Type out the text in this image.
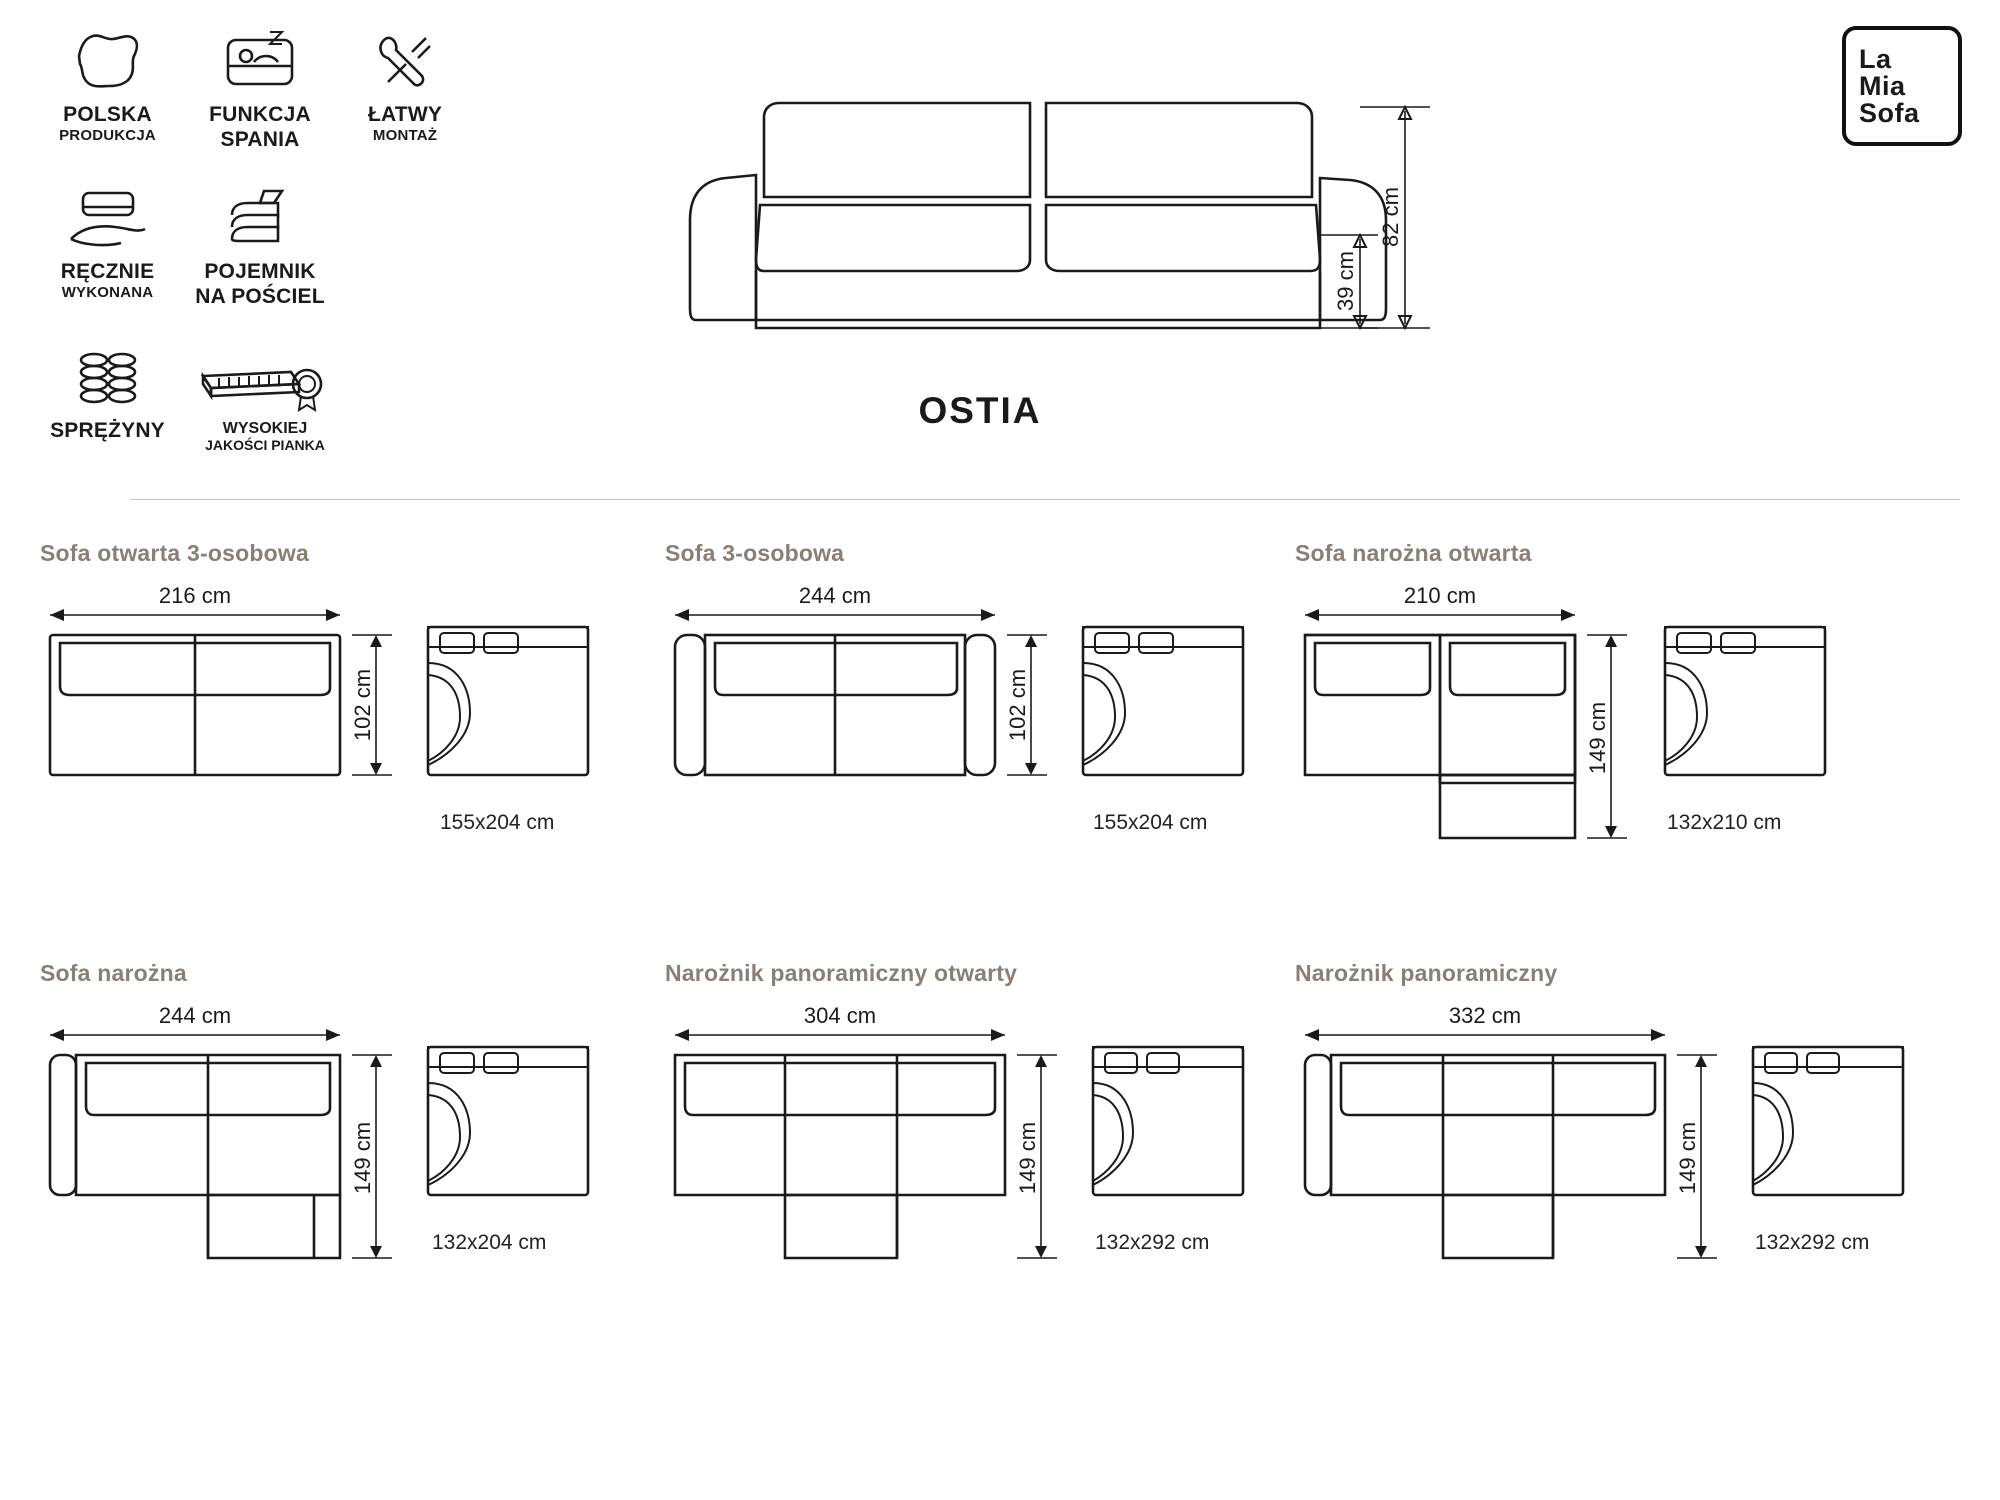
POLSKA
PRODUKCJA
FUNKCJA
SPANIA
ŁATWY
MONTAŻ
RĘCZNIE
WYKONANA
POJEMNIK
NA POŚCIEL
SPRĘŻYNY	WYSOKIEJ
JAKOŚCI PIANKA
La
Mia
Sofa
82 cm
39 cm
OSTIA
Sofa otwarta 3-osobowa
216 cm
102 cm
155x204 cm
Sofa 3-osobowa
244 cm
102 cm
155x204 cm
Sofa narożna otwarta
210 cm
149 cm
132x210 cm
Sofa narożna
244 cm
149 cm
132x204 cm
Narożnik panoramiczny otwarty
304 cm
149 cm
132x292 cm
Narożnik panoramiczny
332 cm
149 cm
132x292 cm
